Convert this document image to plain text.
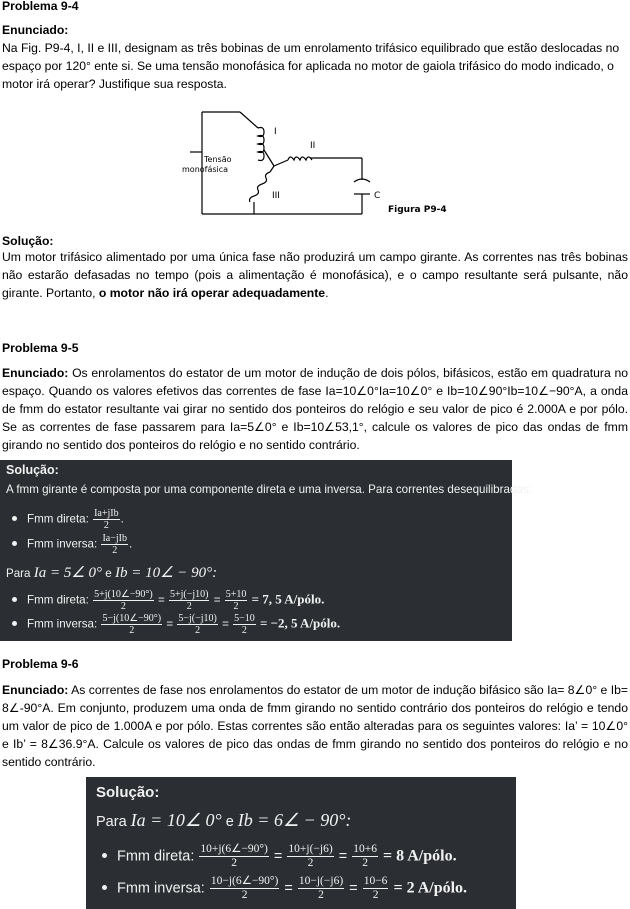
Problema 9-4
Enunciado:
Na Fig. P9-4, I, II e III, designam as três bobinas de um enrolamento trifásico equilibrado que estão deslocadas no espaço por 120° ente si. Se uma tensão monofásica for aplicada no motor de gaiola trifásico do modo indicado, o motor irá operar? Justifique sua resposta.
I
II
III	C
Tensão
monofásica
Figura P9-4
Solução:
Um motor trifásico alimentado por uma única fase não produzirá um campo girante. As correntes nas três bobinas não estarão defasadas no tempo (pois a alimentação é monofásica), e o campo resultante será pulsante, não girante. Portanto, o motor não irá operar adequadamente.
Problema 9-5
Enunciado: Os enrolamentos do estator de um motor de indução de dois pólos, bifásicos, estão em quadratura no espaço. Quando os valores efetivos das correntes de fase Ia=10∠0°Ia=10∠0° e Ib=10∠90°Ib=10∠−90°A, a onda de fmm do estator resultante vai girar no sentido dos ponteiros do relógio e seu valor de pico é 2.000A e por pólo. Se as correntes de fase passarem para Ia=5∠0° e Ib=10∠53,1°, calcule os valores de pico das ondas de fmm girando no sentido dos ponteiros do relógio e no sentido contrário.
Solução:
A fmm girante é composta por uma componente direta e uma inversa. Para correntes desequilibradas:
Fmm direta: $\frac{\text{Ia+jIb}}{2}$ .
Fmm inversa: $\frac{\text{Ia−jIb}}{2}$ .
Para Ia = 5∠ 0° e Ib = 10∠ − 90°:
Fmm direta: $\frac{5+j(10\angle-90^\circ)}{2} = \frac{5+j(-j10)}{2} = \frac{5+10}{2} = 7$, 5 A/pólo.
Fmm inversa: $\frac{5-j(10\angle-90^\circ)}{2} = \frac{5-j(-j10)}{2} = \frac{5-10}{2} = -2$, 5 A/pólo.
Problema 9-6
Enunciado: As correntes de fase nos enrolamentos do estator de um motor de indução bifásico são Ia= 8∠0° e Ib= 8∠-90°A. Em conjunto, produzem uma onda de fmm girando no sentido contrário dos ponteiros do relógio e tendo um valor de pico de 1.000A e por pólo. Estas correntes são então alteradas para os seguintes valores: Ia’ = 10∠0° e Ib’ = 8∠36.9°A. Calcule os valores de pico das ondas de fmm girando no sentido dos ponteiros do relógio e no sentido contrário.
Solução:
Para Ia = 10∠ 0° e Ib = 6∠ − 90°:
Fmm direta: $\frac{10+j(6\angle-90^\circ)}{2} = \frac{10+j(-j6)}{2} = \frac{10+6}{2} = 8$ A/pólo.
Fmm inversa: $\frac{10-j(6\angle-90^\circ)}{2} = \frac{10-j(-j6)}{2} = \frac{10-6}{2} = 2$ A/pólo.
